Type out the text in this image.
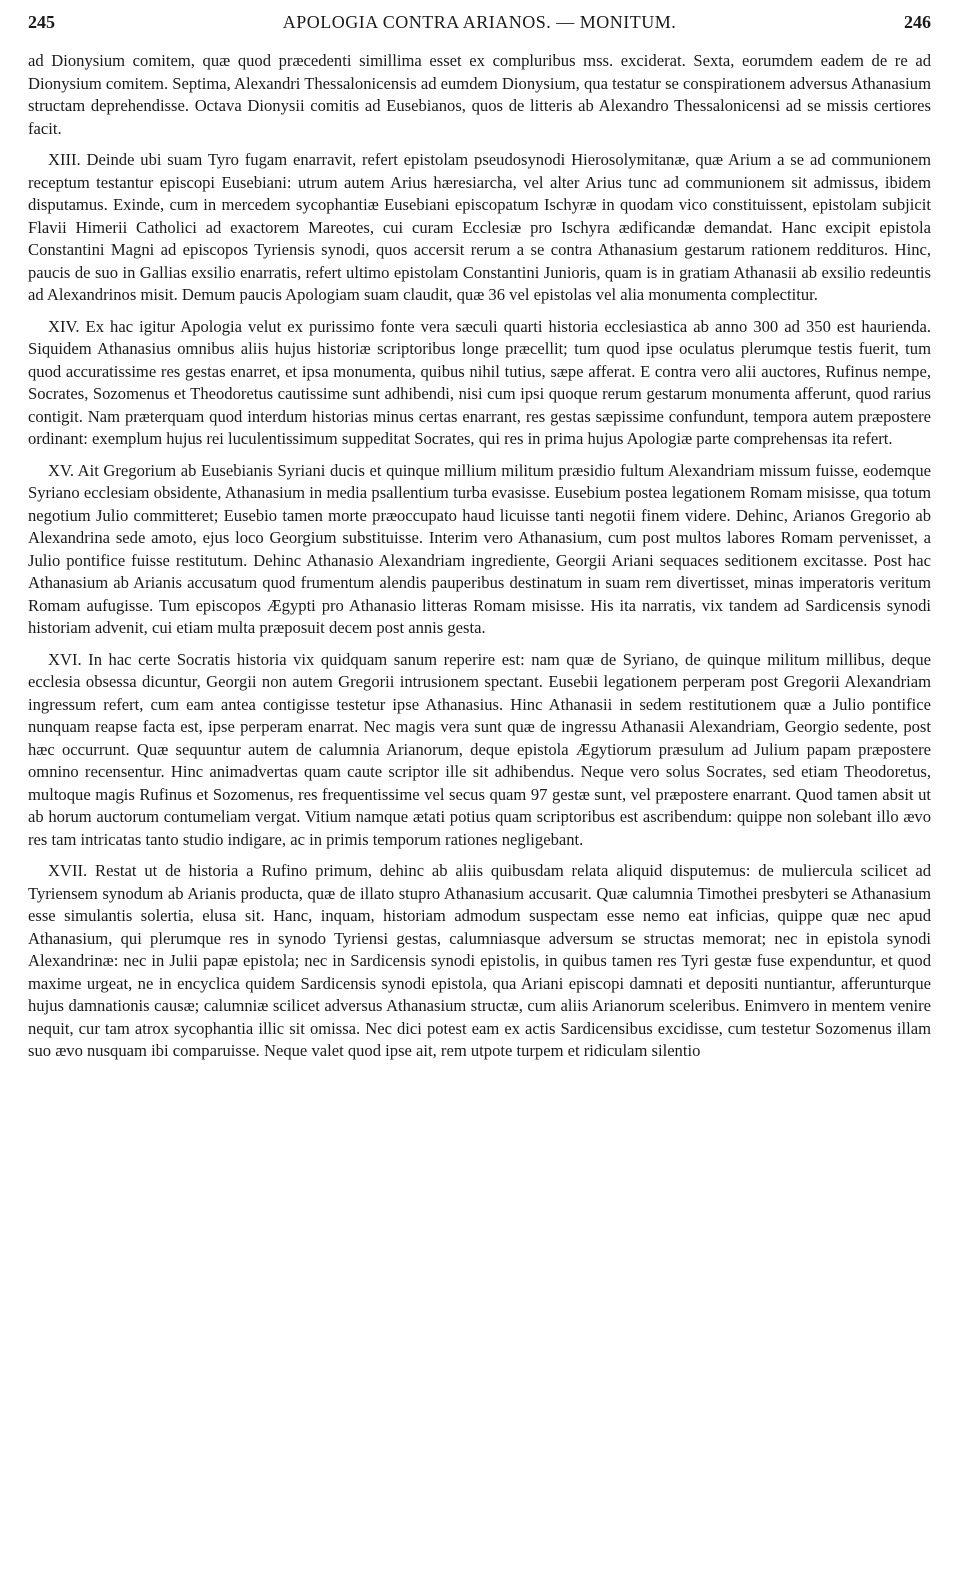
245	APOLOGIA CONTRA ARIANOS. — MONITUM.	246

ad Dionysium comitem, quæ quod præcedenti simillima esset ex compluribus mss. exciderat. Sexta, eorumdem eadem de re ad Dionysium comitem. Septima, Alexandri Thessalonicensis ad eumdem Dionysium, qua testatur se conspirationem adversus Athanasium structam deprehendisse. Octava Dionysii comitis ad Eusebianos, quos de litteris ab Alexandro Thessalonicensi ad se missis certiores facit.

XIII. Deinde ubi suam Tyro fugam enarravit, refert epistolam pseudosynodi Hierosolymitanæ, quæ Arium a se ad communionem receptum testantur episcopi Eusebiani: utrum autem Arius hæresiarcha, vel alter Arius tunc ad communionem sit admissus, ibidem disputamus. Exinde, cum in mercedem sycophantiæ Eusebiani episcopatum Ischyræ in quodam vico constituissent, epistolam subjicit Flavii Himerii Catholici ad exactorem Mareotes, cui curam Ecclesiæ pro Ischyra ædificandæ demandat. Hanc excipit epistola Constantini Magni ad episcopos Tyriensis synodi, quos accersit rerum a se contra Athanasium gestarum rationem reddituros. Hinc, paucis de suo in Gallias exsilio enarratis, refert ultimo epistolam Constantini Junioris, quam is in gratiam Athanasii ab exsilio redeuntis ad Alexandrinos misit. Demum paucis Apologiam suam claudit, quæ 36 vel epistolas vel alia monumenta complectitur.

XIV. Ex hac igitur Apologia velut ex purissimo fonte vera sæculi quarti historia ecclesiastica ab anno 300 ad 350 est haurienda. Siquidem Athanasius omnibus aliis hujus historiæ scriptoribus longe præcellit; tum quod ipse oculatus plerumque testis fuerit, tum quod accuratissime res gestas enarret, et ipsa monumenta, quibus nihil tutius, sæpe afferat. E contra vero alii auctores, Rufinus nempe, Socrates, Sozomenus et Theodoretus cautissime sunt adhibendi, nisi cum ipsi quoque rerum gestarum monumenta afferunt, quod rarius contigit. Nam præterquam quod interdum historias minus certas enarrant, res gestas sæpissime confundunt, tempora autem præpostere ordinant: exemplum hujus rei luculentissimum suppeditat Socrates, qui res in prima hujus Apologiæ parte comprehensas ita refert.

XV. Ait Gregorium ab Eusebianis Syriani ducis et quinque millium militum præsidio fultum Alexandriam missum fuisse, eodemque Syriano ecclesiam obsidente, Athanasium in media psallentium turba evasisse. Eusebium postea legationem Romam misisse, qua totum negotium Julio committeret; Eusebio tamen morte præoccupato haud licuisse tanti negotii finem videre. Dehinc, Arianos Gregorio ab Alexandrina sede amoto, ejus loco Georgium substituisse. Interim vero Athanasium, cum post multos labores Romam pervenisset, a Julio pontifice fuisse restitutum. Dehinc Athanasio Alexandriam ingrediente, Georgii Ariani sequaces seditionem excitasse. Post hac Athanasium ab Arianis accusatum quod frumentum alendis pauperibus destinatum in suam rem divertisset, minas imperatoris veritum Romam aufugisse. Tum episcopos Ægypti pro Athanasio litteras Romam misisse. His ita narratis, vix tandem ad Sardicensis synodi historiam advenit, cui etiam multa præposuit decem post annis gesta.

XVI. In hac certe Socratis historia vix quidquam sanum reperire est: nam quæ de Syriano, de quinque militum millibus, deque ecclesia obsessa dicuntur, Georgii non autem Gregorii intrusionem spectant. Eusebii legationem perperam post Gregorii Alexandriam ingressum refert, cum eam antea contigisse testetur ipse Athanasius. Hinc Athanasii in sedem restitutionem quæ a Julio pontifice nunquam reapse facta est, ipse perperam enarrat. Nec magis vera sunt quæ de ingressu Athanasii Alexandriam, Georgio sedente, post hæc occurrunt. Quæ sequuntur autem de calumnia Arianorum, deque epistola Ægytiorum præsulum ad Julium papam præpostere omnino recensentur. Hinc animadvertas quam caute scriptor ille sit adhibendus. Neque vero solus Socrates, sed etiam Theodoretus, multoque magis Rufinus et Sozomenus, res frequentissime vel secus quam 97 gestæ sunt, vel præpostere enarrant. Quod tamen absit ut ab horum auctorum contumeliam vergat. Vitium namque ætati potius quam scriptoribus est ascribendum: quippe non solebant illo ævo res tam intricatas tanto studio indigare, ac in primis temporum rationes negligebant.

XVII. Restat ut de historia a Rufino primum, dehinc ab aliis quibusdam relata aliquid disputemus: de muliercula scilicet ad Tyriensem synodum ab Arianis producta, quæ de illato stupro Athanasium accusarit. Quæ calumnia Timothei presbyteri se Athanasium esse simulantis solertia, elusa sit. Hanc, inquam, historiam admodum suspectam esse nemo eat inficias, quippe quæ nec apud Athanasium, qui plerumque res in synodo Tyriensi gestas, calumniasque adversum se structas memorat; nec in epistola synodi Alexandrinæ: nec in Julii papæ epistola; nec in Sardicensis synodi epistolis, in quibus tamen res Tyri gestæ fuse expenduntur, et quod maxime urgeat, ne in encyclica quidem Sardicensis synodi epistola, qua Ariani episcopi damnati et depositi nuntiantur, afferunturque hujus damnationis causæ; calumniæ scilicet adversus Athanasium structæ, cum aliis Arianorum sceleribus. Enimvero in mentem venire nequit, cur tam atrox sycophantia illic sit omissa. Nec dici potest eam ex actis Sardicensibus excidisse, cum testetur Sozomenus illam suo ævo nusquam ibi comparuisse. Neque valet quod ipse ait, rem utpote turpem et ridiculam silentio
